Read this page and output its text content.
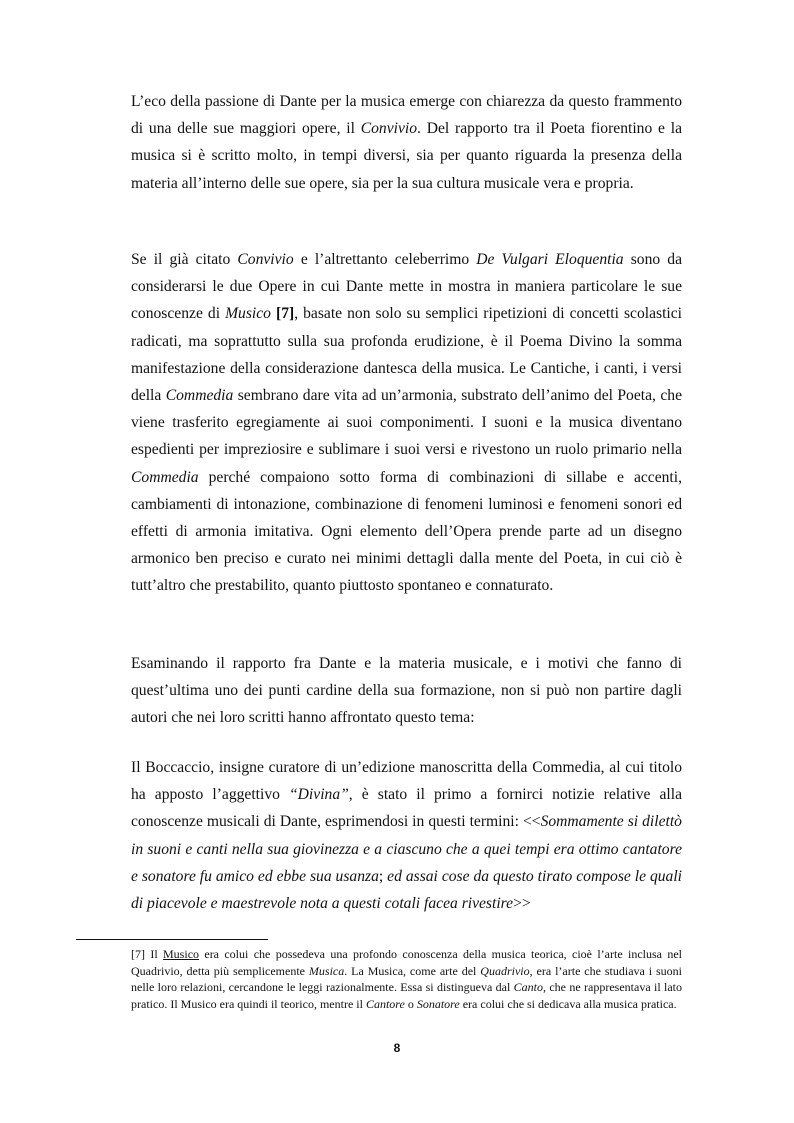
L’eco della passione di Dante per la musica emerge con chiarezza da questo frammento di una delle sue maggiori opere, il Convivio. Del rapporto tra il Poeta fiorentino e la musica si è scritto molto, in tempi diversi, sia per quanto riguarda la presenza della materia all’interno delle sue opere, sia per la sua cultura musicale vera e propria.

Se il già citato Convivio e l’altrettanto celeberrimo De Vulgari Eloquentia sono da considerarsi le due Opere in cui Dante mette in mostra in maniera particolare le sue conoscenze di Musico [7], basate non solo su semplici ripetizioni di concetti scolastici radicati, ma soprattutto sulla sua profonda erudizione, è il Poema Divino la somma manifestazione della considerazione dantesca della musica. Le Cantiche, i canti, i versi della Commedia sembrano dare vita ad un’armonia, substrato dell’animo del Poeta, che viene trasferito egregiamente ai suoi componimenti. I suoni e la musica diventano espedienti per impreziosire e sublimare i suoi versi e rivestono un ruolo primario nella Commedia perché compaiono sotto forma di combinazioni di sillabe e accenti, cambiamenti di intonazione, combinazione di fenomeni luminosi e fenomeni sonori ed effetti di armonia imitativa. Ogni elemento dell’Opera prende parte ad un disegno armonico ben preciso e curato nei minimi dettagli dalla mente del Poeta, in cui ciò è tutt’altro che prestabilito, quanto piuttosto spontaneo e connaturato.

Esaminando il rapporto fra Dante e la materia musicale, e i motivi che fanno di quest’ultima uno dei punti cardine della sua formazione, non si può non partire dagli autori che nei loro scritti hanno affrontato questo tema:

Il Boccaccio, insigne curatore di un’edizione manoscritta della Commedia, al cui titolo ha apposto l’aggettivo “Divina”, è stato il primo a fornirci notizie relative alla conoscenze musicali di Dante, esprimendosi in questi termini: <<Sommamente si dilettò in suoni e canti nella sua giovinezza e a ciascuno che a quei tempi era ottimo cantatore e sonatore fu amico ed ebbe sua usanza; ed assai cose da questo tirato compose le quali di piacevole e maestrevole nota a questi cotali facea rivestire>>

[7] Il Musico era colui che possedeva una profondo conoscenza della musica teorica, cioè l’arte inclusa nel Quadrivio, detta più semplicemente Musica. La Musica, come arte del Quadrivio, era l’arte che studiava i suoni nelle loro relazioni, cercandone le leggi razionalmente. Essa si distingueva dal Canto, che ne rappresentava il lato pratico. Il Musico era quindi il teorico, mentre il Cantore o Sonatore era colui che si dedicava alla musica pratica.

8
